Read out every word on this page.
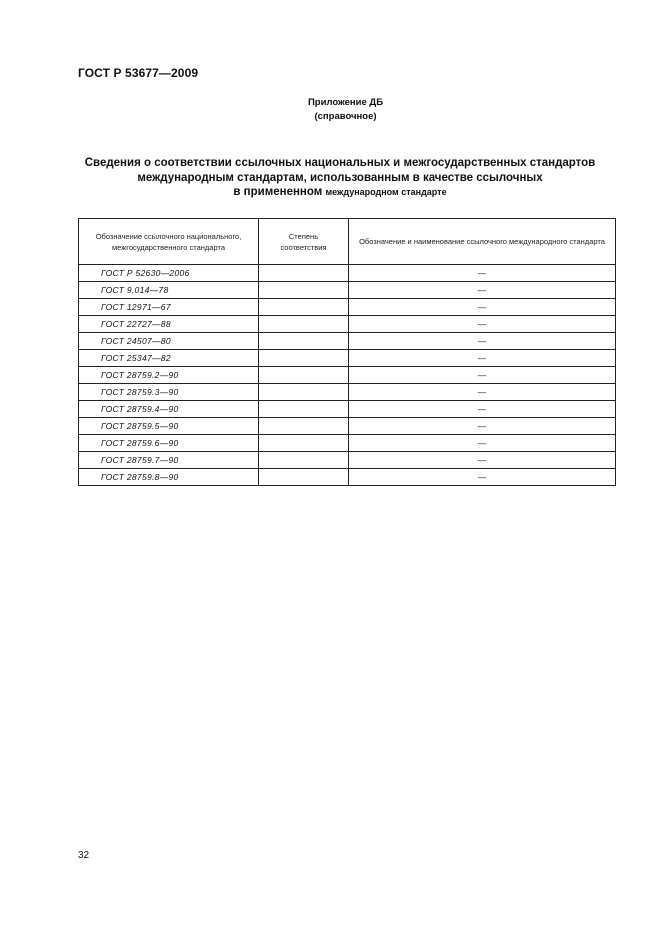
ГОСТ Р 53677—2009
Приложение ДБ
(справочное)
Сведения о соответствии ссылочных национальных и межгосударственных стандартов
международным стандартам, использованным в качестве ссылочных
в примененном международном стандарте
Обозначение ссылочного национального, межгосударственного стандарта	Степень соответствия	Обозначение и наименование ссылочного международного стандарта
ГОСТ Р 52630—2006		—
ГОСТ 9.014—78		—
ГОСТ 12971—67		—
ГОСТ 22727—88		—
ГОСТ 24507—80		—
ГОСТ 25347—82		—
ГОСТ 28759.2—90		—
ГОСТ 28759.3—90		—
ГОСТ 28759.4—90		—
ГОСТ 28759.5—90		—
ГОСТ 28759.6—90		—
ГОСТ 28759.7—90		—
ГОСТ 28759.8—90		—
32
